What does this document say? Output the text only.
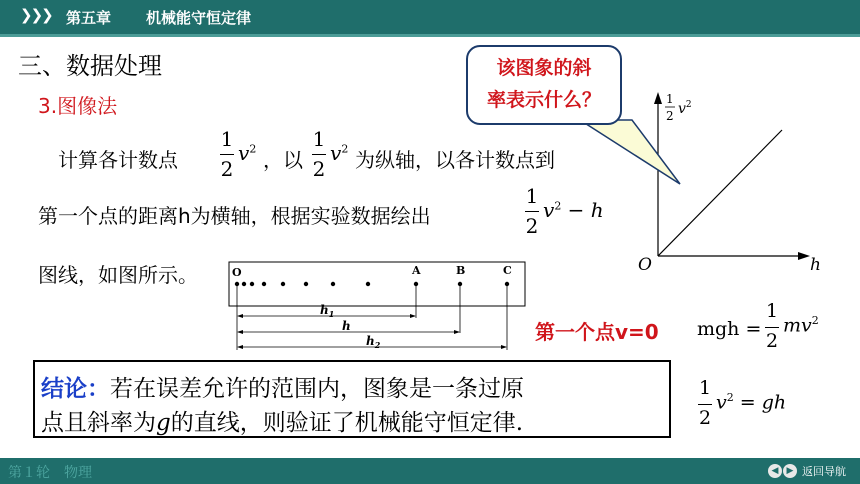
❯❯❯ 第五章 机械能守恒定律
三、数据处理
3.图像法
计算各计数点
1
2
$v^2$ ，以
1
2
$v^2$ 为纵轴，以各计数点到
第一个点的距离h为横轴，根据实验数据绘出
1
2
$v^2 - h$
图线，如图所示。	O	A	B	C
$h_1$
h
$h_2$
该图象的斜
率表示什么？	1
2 $v^2$
O	h
第一个点v=0 mgh =
1
2
$mv^2$
1
2
$v^2$ = gh
结论：若在误差允许的范围内，图象是一条过原
点且斜率为g的直线，则验证了机械能守恒定律.
第１轮　物理	◀ ▶ 返回导航
